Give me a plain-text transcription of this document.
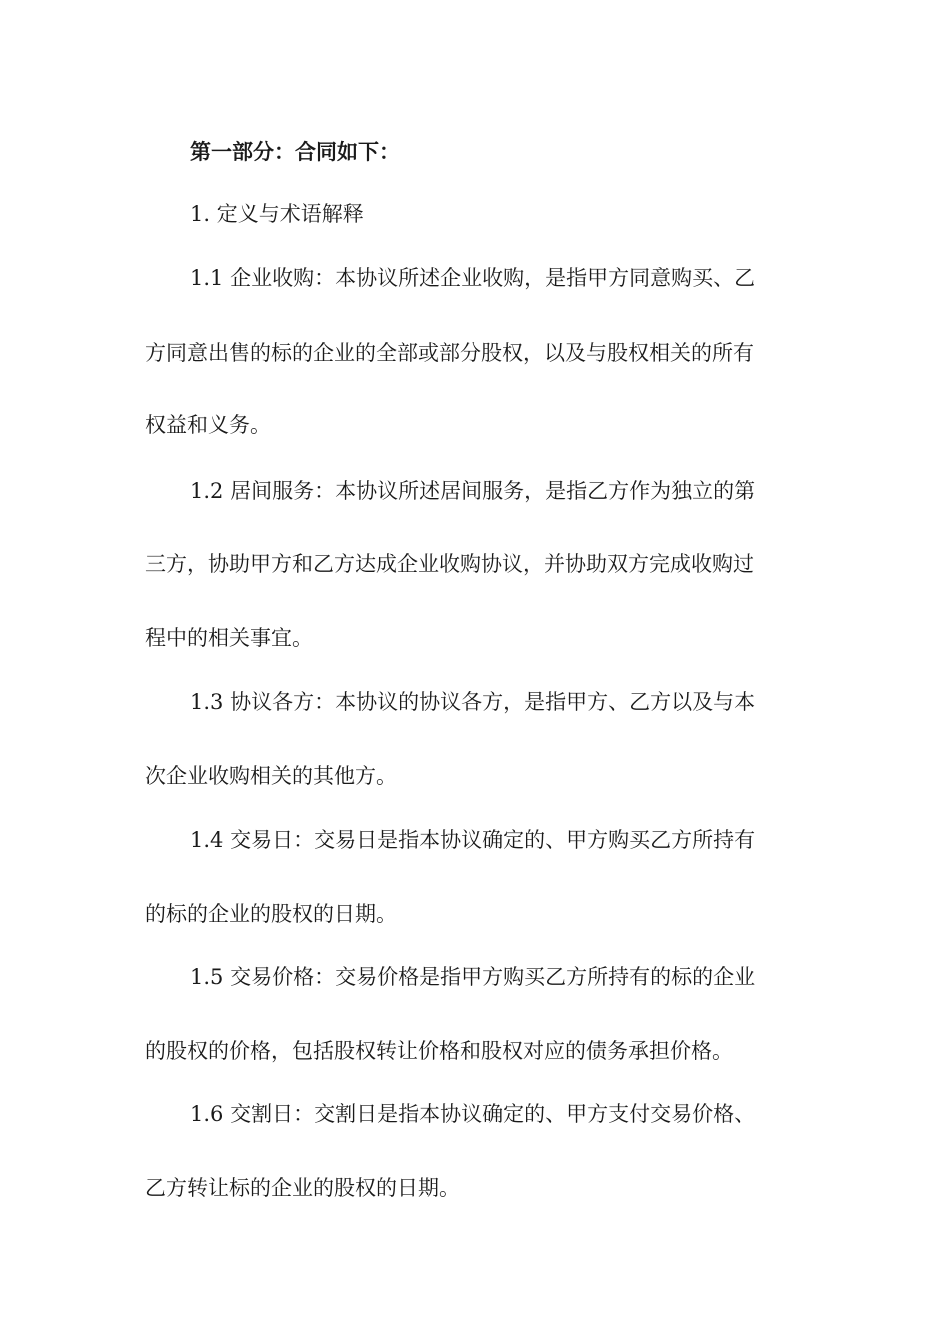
第一部分：合同如下：
1. 定义与术语解释
1.1 企业收购：本协议所述企业收购，是指甲方同意购买、乙
方同意出售的标的企业的全部或部分股权，以及与股权相关的所有
权益和义务。
1.2 居间服务：本协议所述居间服务，是指乙方作为独立的第
三方，协助甲方和乙方达成企业收购协议，并协助双方完成收购过
程中的相关事宜。
1.3 协议各方：本协议的协议各方，是指甲方、乙方以及与本
次企业收购相关的其他方。
1.4 交易日：交易日是指本协议确定的、甲方购买乙方所持有
的标的企业的股权的日期。
1.5 交易价格：交易价格是指甲方购买乙方所持有的标的企业
的股权的价格，包括股权转让价格和股权对应的债务承担价格。
1.6 交割日：交割日是指本协议确定的、甲方支付交易价格、
乙方转让标的企业的股权的日期。
